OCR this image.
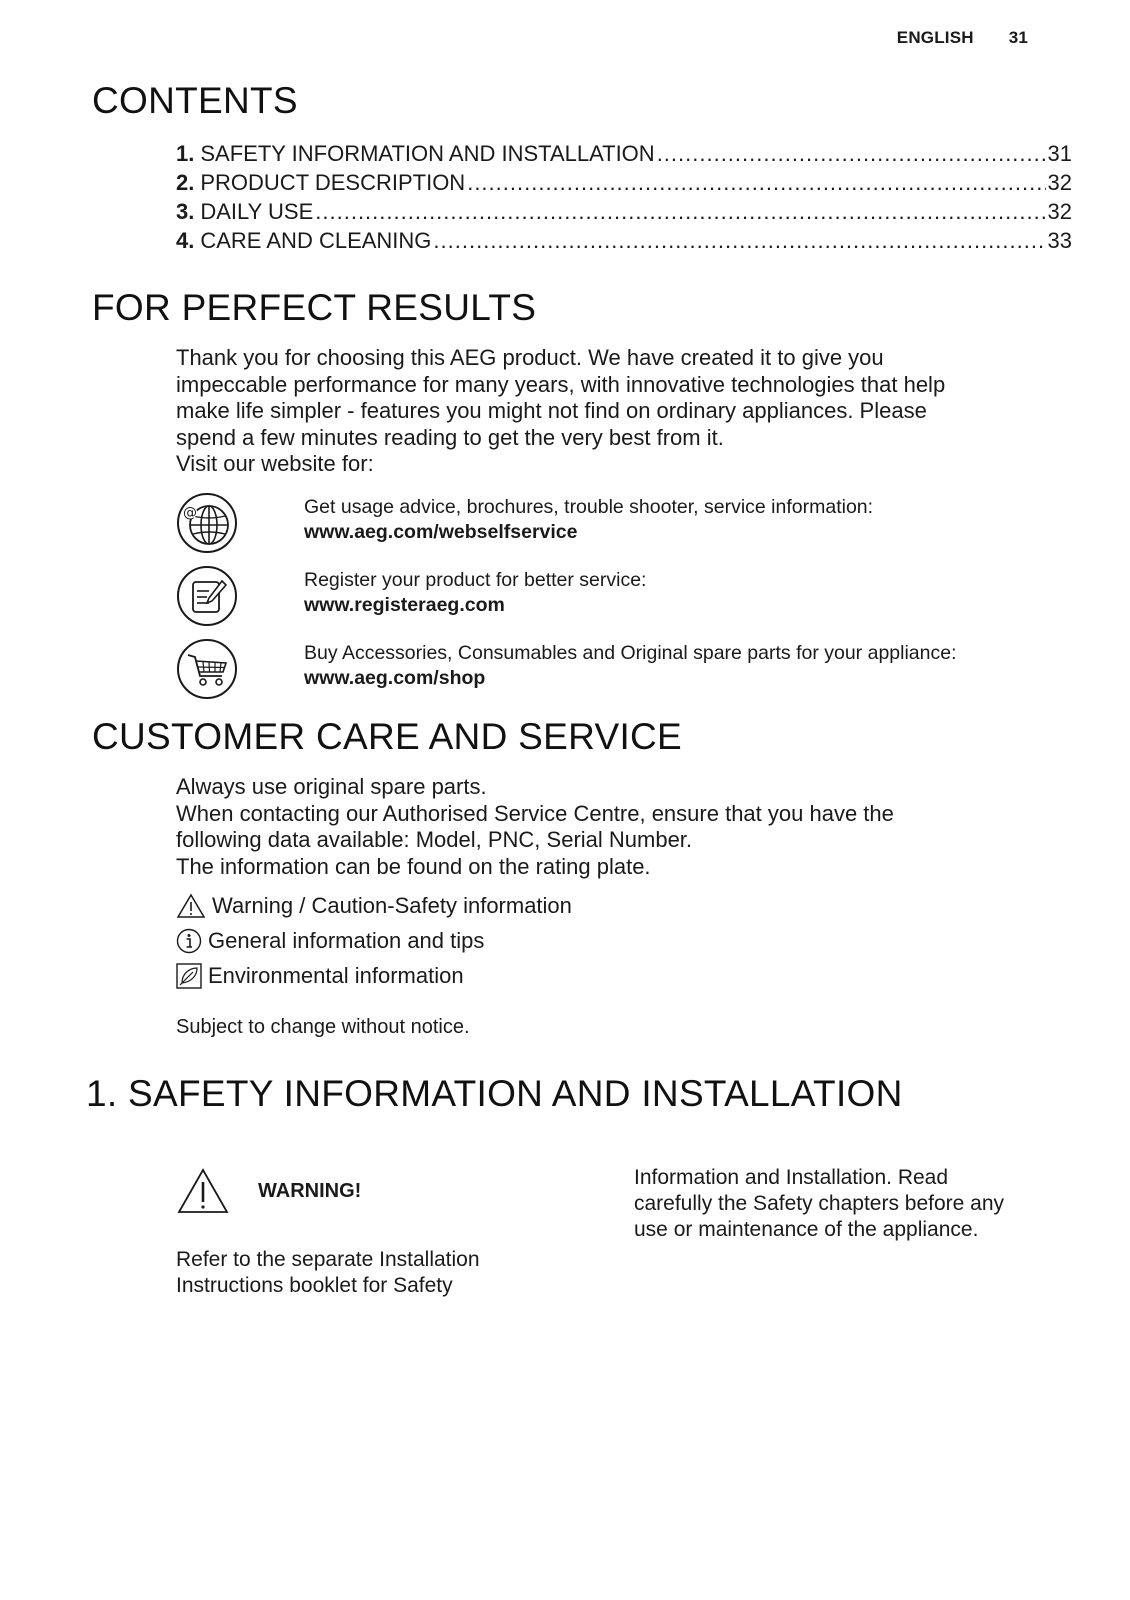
ENGLISH 31
CONTENTS
1. SAFETY INFORMATION AND INSTALLATION .....	31
2. PRODUCT DESCRIPTION .....	32
3. DAILY USE .....	32
4. CARE AND CLEANING .....	33
FOR PERFECT RESULTS
Thank you for choosing this AEG product. We have created it to give you
impeccable performance for many years, with innovative technologies that help
make life simpler - features you might not find on ordinary appliances. Please
spend a few minutes reading to get the very best from it.
Visit our website for:
@	Get usage advice, brochures, trouble shooter, service information:
www.aeg.com/webselfservice
Register your product for better service:
www.registeraeg.com
Buy Accessories, Consumables and Original spare parts for your appliance:
www.aeg.com/shop
CUSTOMER CARE AND SERVICE
Always use original spare parts.
When contacting our Authorised Service Centre, ensure that you have the
following data available: Model, PNC, Serial Number.
The information can be found on the rating plate.
Warning / Caution-Safety information
General information and tips
Environmental information
Subject to change without notice.
1. SAFETY INFORMATION AND INSTALLATION
WARNING!
Refer to the separate Installation
Instructions booklet for Safety
Information and Installation. Read
carefully the Safety chapters before any
use or maintenance of the appliance.
